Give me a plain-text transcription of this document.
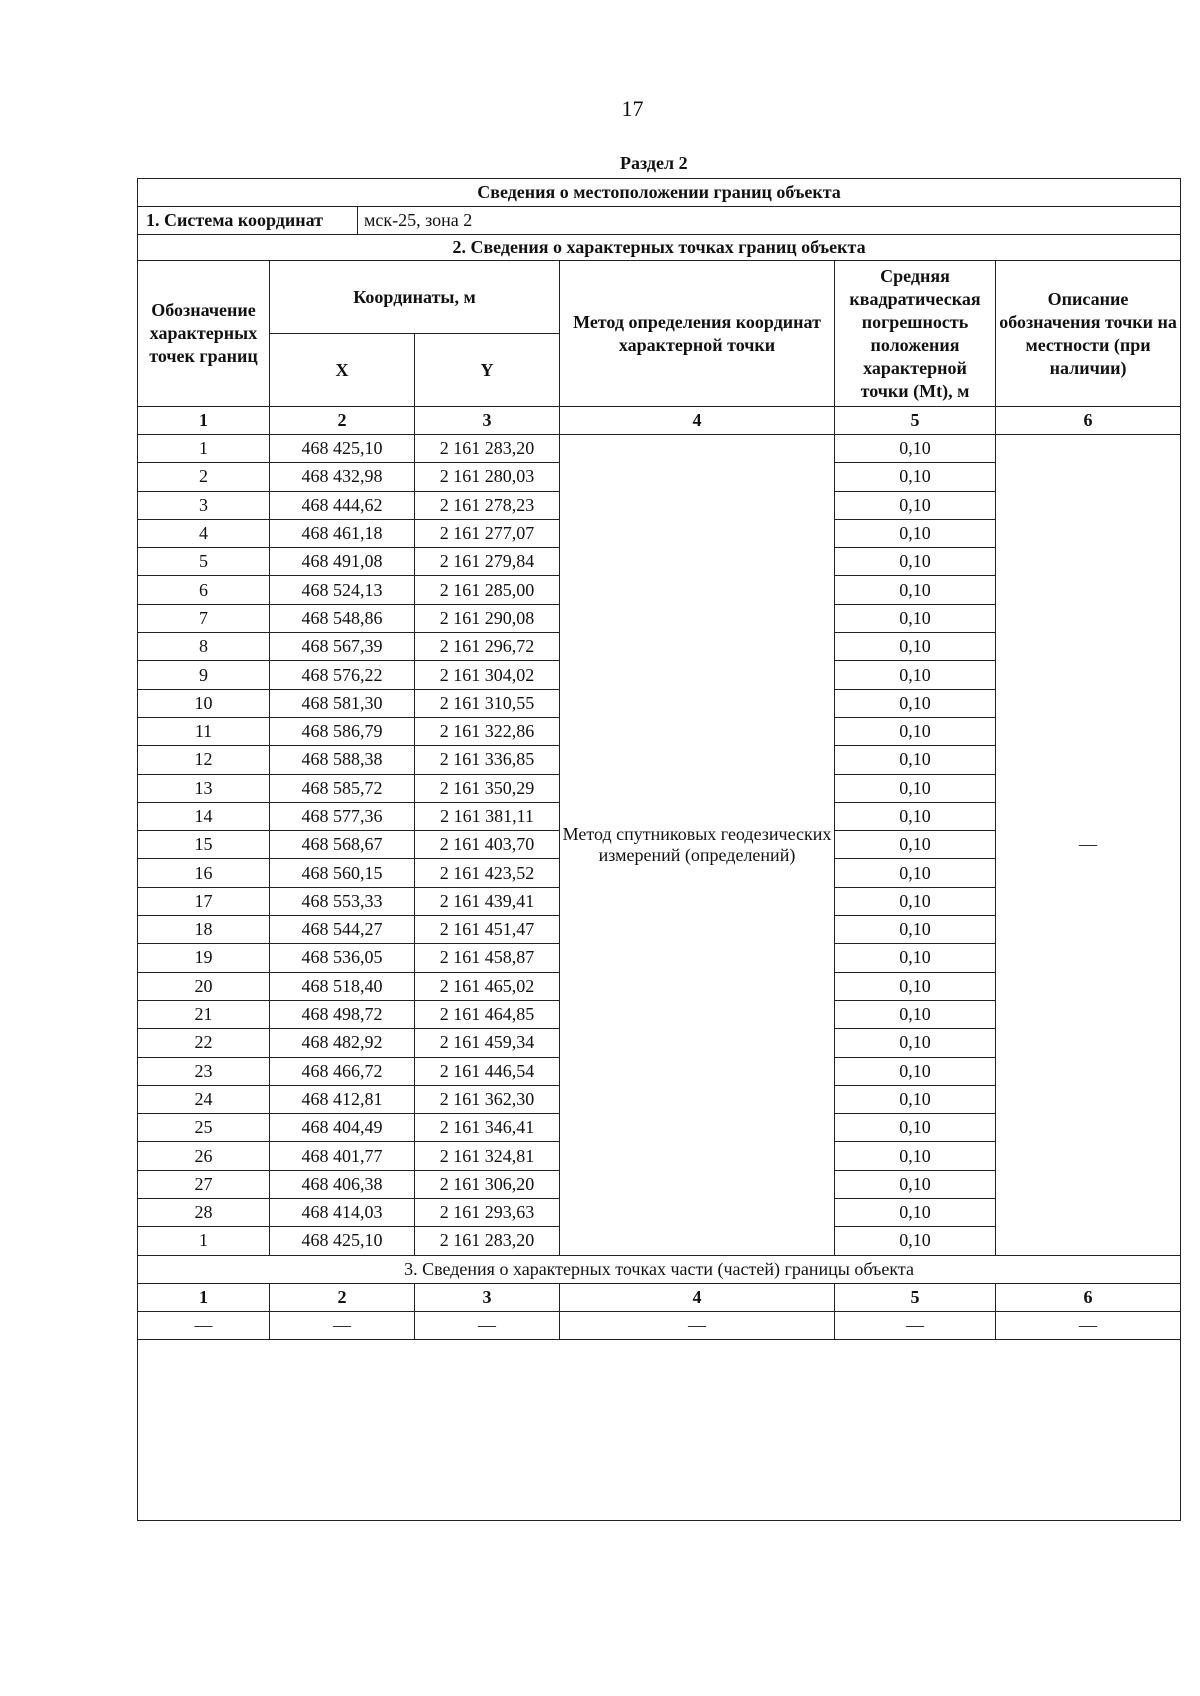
17
Раздел 2
Сведения о местоположении границ объекта					

1. Система координат мск-25, зона 2					

2. Сведения о характерных точках границ объекта					
Обозначение характерных точек границ	Координаты, м		Метод определения координат характерной точки	Средняя квадратическая погрешность положения характерной точки (Mt), м	Описание обозначения точки на местности (при наличии)
	X	Y			
1	2	3	4	5	6
1	468 425,10	2 161 283,20	Метод спутниковых геодезических измерений (определений)	0,10	—
2	468 432,98	2 161 280,03		0,10	
3	468 444,62	2 161 278,23		0,10	
4	468 461,18	2 161 277,07		0,10	
5	468 491,08	2 161 279,84		0,10	
6	468 524,13	2 161 285,00		0,10	
7	468 548,86	2 161 290,08		0,10	
8	468 567,39	2 161 296,72		0,10	
9	468 576,22	2 161 304,02		0,10	
10	468 581,30	2 161 310,55		0,10	
11	468 586,79	2 161 322,86		0,10	
12	468 588,38	2 161 336,85		0,10	
13	468 585,72	2 161 350,29		0,10	
14	468 577,36	2 161 381,11		0,10	
15	468 568,67	2 161 403,70		0,10	
16	468 560,15	2 161 423,52		0,10	
17	468 553,33	2 161 439,41		0,10	
18	468 544,27	2 161 451,47		0,10	
19	468 536,05	2 161 458,87		0,10	
20	468 518,40	2 161 465,02		0,10	
21	468 498,72	2 161 464,85		0,10	
22	468 482,92	2 161 459,34		0,10	
23	468 466,72	2 161 446,54		0,10	
24	468 412,81	2 161 362,30		0,10	
25	468 404,49	2 161 346,41		0,10	
26	468 401,77	2 161 324,81		0,10	
27	468 406,38	2 161 306,20		0,10	
28	468 414,03	2 161 293,63		0,10	
1	468 425,10	2 161 283,20		0,10	
3. Сведения о характерных точках части (частей) границы объекта					
1	2	3	4	5	6
—	—	—	—	—	—
